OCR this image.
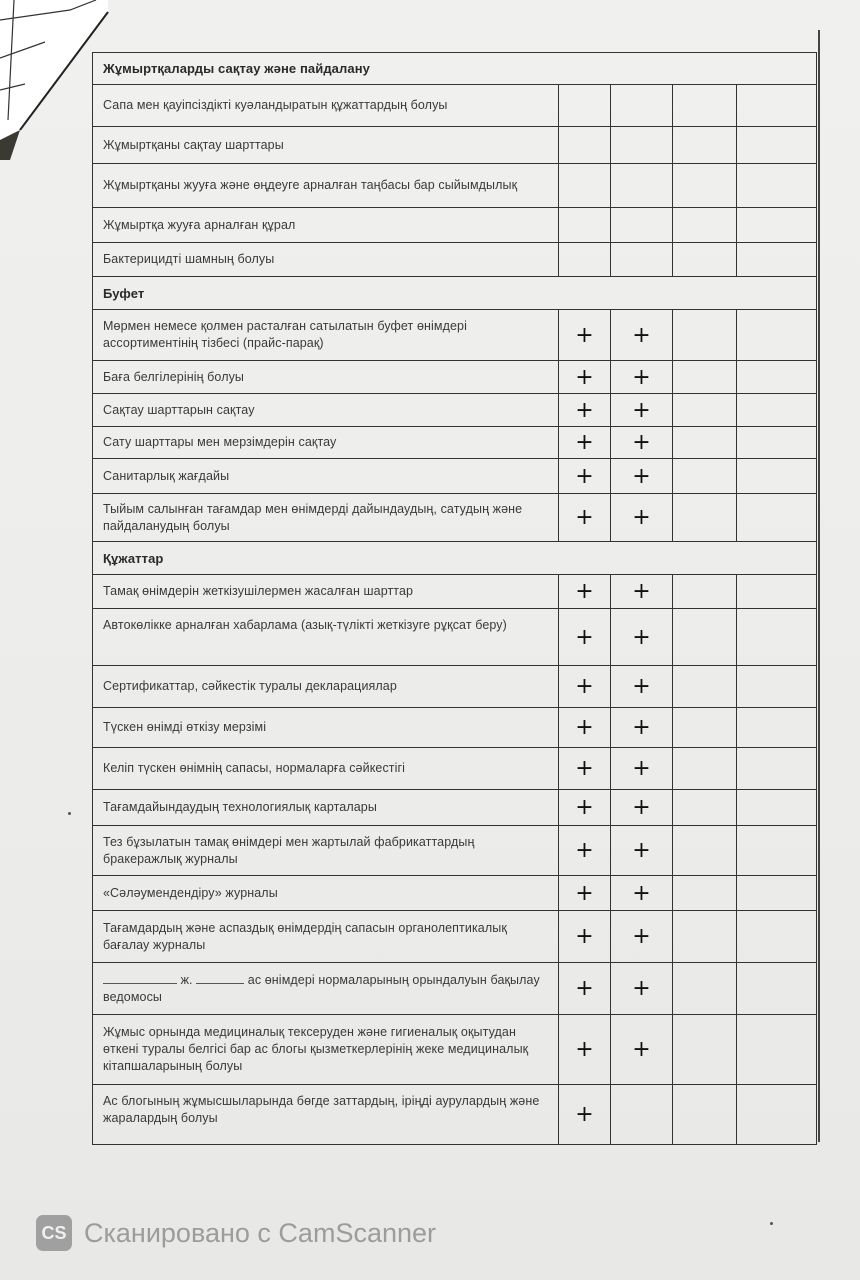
Жұмыртқаларды сақтау және пайдалану				
Сапа мен қауіпсіздікті куәландыратын құжаттардың болуы				
Жұмыртқаны сақтау шарттары				
Жұмыртқаны жууға және өңдеуге арналған таңбасы бар сыйымдылық				
Жұмыртқа жууға арналған құрал				
Бактерицидті шамның болуы				
Буфет				
Мөрмен немесе қолмен расталған сатылатын буфет өнімдері ассортиментінің тізбесі (прайс-парақ)	+	+		
Баға белгілерінің болуы	+	+		
Сақтау шарттарын сақтау	+	+		
Сату шарттары мен мерзімдерін сақтау	+	+		
Санитарлық жағдайы	+	+		
Тыйым салынған тағамдар мен өнімдерді дайындаудың, сатудың және пайдаланудың болуы	+	+		
Құжаттар				
Тамақ өнімдерін жеткізушілермен жасалған шарттар	+	+		
Автокөлікке арналған хабарлама (азық-түлікті жеткізуге рұқсат беру)	+	+		
Сертификаттар, сәйкестік туралы декларациялар	+	+		
Түскен өнімді өткізу мерзімі	+	+		
Келіп түскен өнімнің сапасы, нормаларға сәйкестігі	+	+		
Тағамдайындаудың технологиялық карталары	+	+		
Тез бұзылатын тамақ өнімдері мен жартылай фабрикаттардың бракеражлық журналы	+	+		
«Сәләумендендіру» журналы	+	+		
Тағамдардың және аспаздық өнімдердің сапасын органолептикалық бағалау журналы	+	+		
ж. ас өнімдері нормаларының орындалуын бақылау ведомосы	+	+		
Жұмыс орнында медициналық тексеруден және гигиеналық оқытудан өткені туралы белгісі бар ас блогы қызметкерлерінің жеке медициналық кітапшаларының болуы	+	+		
Ас блогының жұмысшыларында бөгде заттардың, іріңді аурулардың және жаралардың болуы	+			
CS Сканировано с CamScanner
